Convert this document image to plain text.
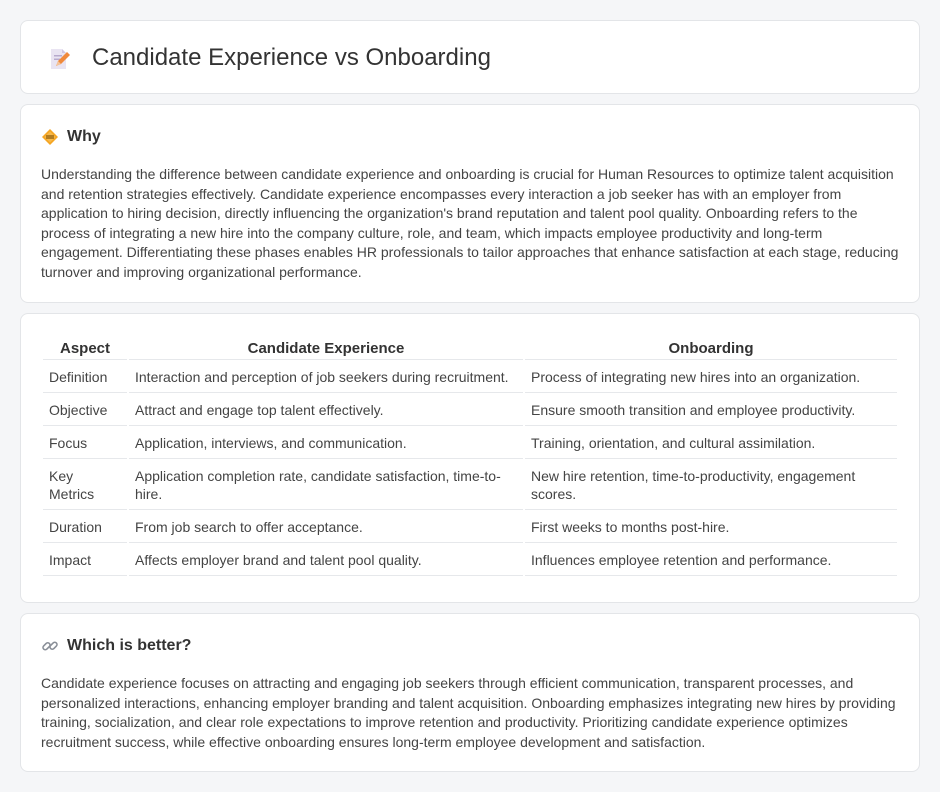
Candidate Experience vs Onboarding
Why

Understanding the difference between candidate experience and onboarding is crucial for Human Resources to optimize talent acquisition and retention strategies effectively. Candidate experience encompasses every interaction a job seeker has with an employer from application to hiring decision, directly influencing the organization's brand reputation and talent pool quality. Onboarding refers to the process of integrating a new hire into the company culture, role, and team, which impacts employee productivity and long-term engagement. Differentiating these phases enables HR professionals to tailor approaches that enhance satisfaction at each stage, reducing turnover and improving organizational performance.

Aspect	Candidate Experience	Onboarding
Definition	Interaction and perception of job seekers during recruitment.	Process of integrating new hires into an organization.
Objective	Attract and engage top talent effectively.	Ensure smooth transition and employee productivity.
Focus	Application, interviews, and communication.	Training, orientation, and cultural assimilation.
Key Metrics	Application completion rate, candidate satisfaction, time-to-hire.	New hire retention, time-to-productivity, engagement scores.
Duration	From job search to offer acceptance.	First weeks to months post-hire.
Impact	Affects employer brand and talent pool quality.	Influences employee retention and performance.
Which is better?

Candidate experience focuses on attracting and engaging job seekers through efficient communication, transparent processes, and personalized interactions, enhancing employer branding and talent acquisition. Onboarding emphasizes integrating new hires by providing training, socialization, and clear role expectations to improve retention and productivity. Prioritizing candidate experience optimizes recruitment success, while effective onboarding ensures long-term employee development and satisfaction.
